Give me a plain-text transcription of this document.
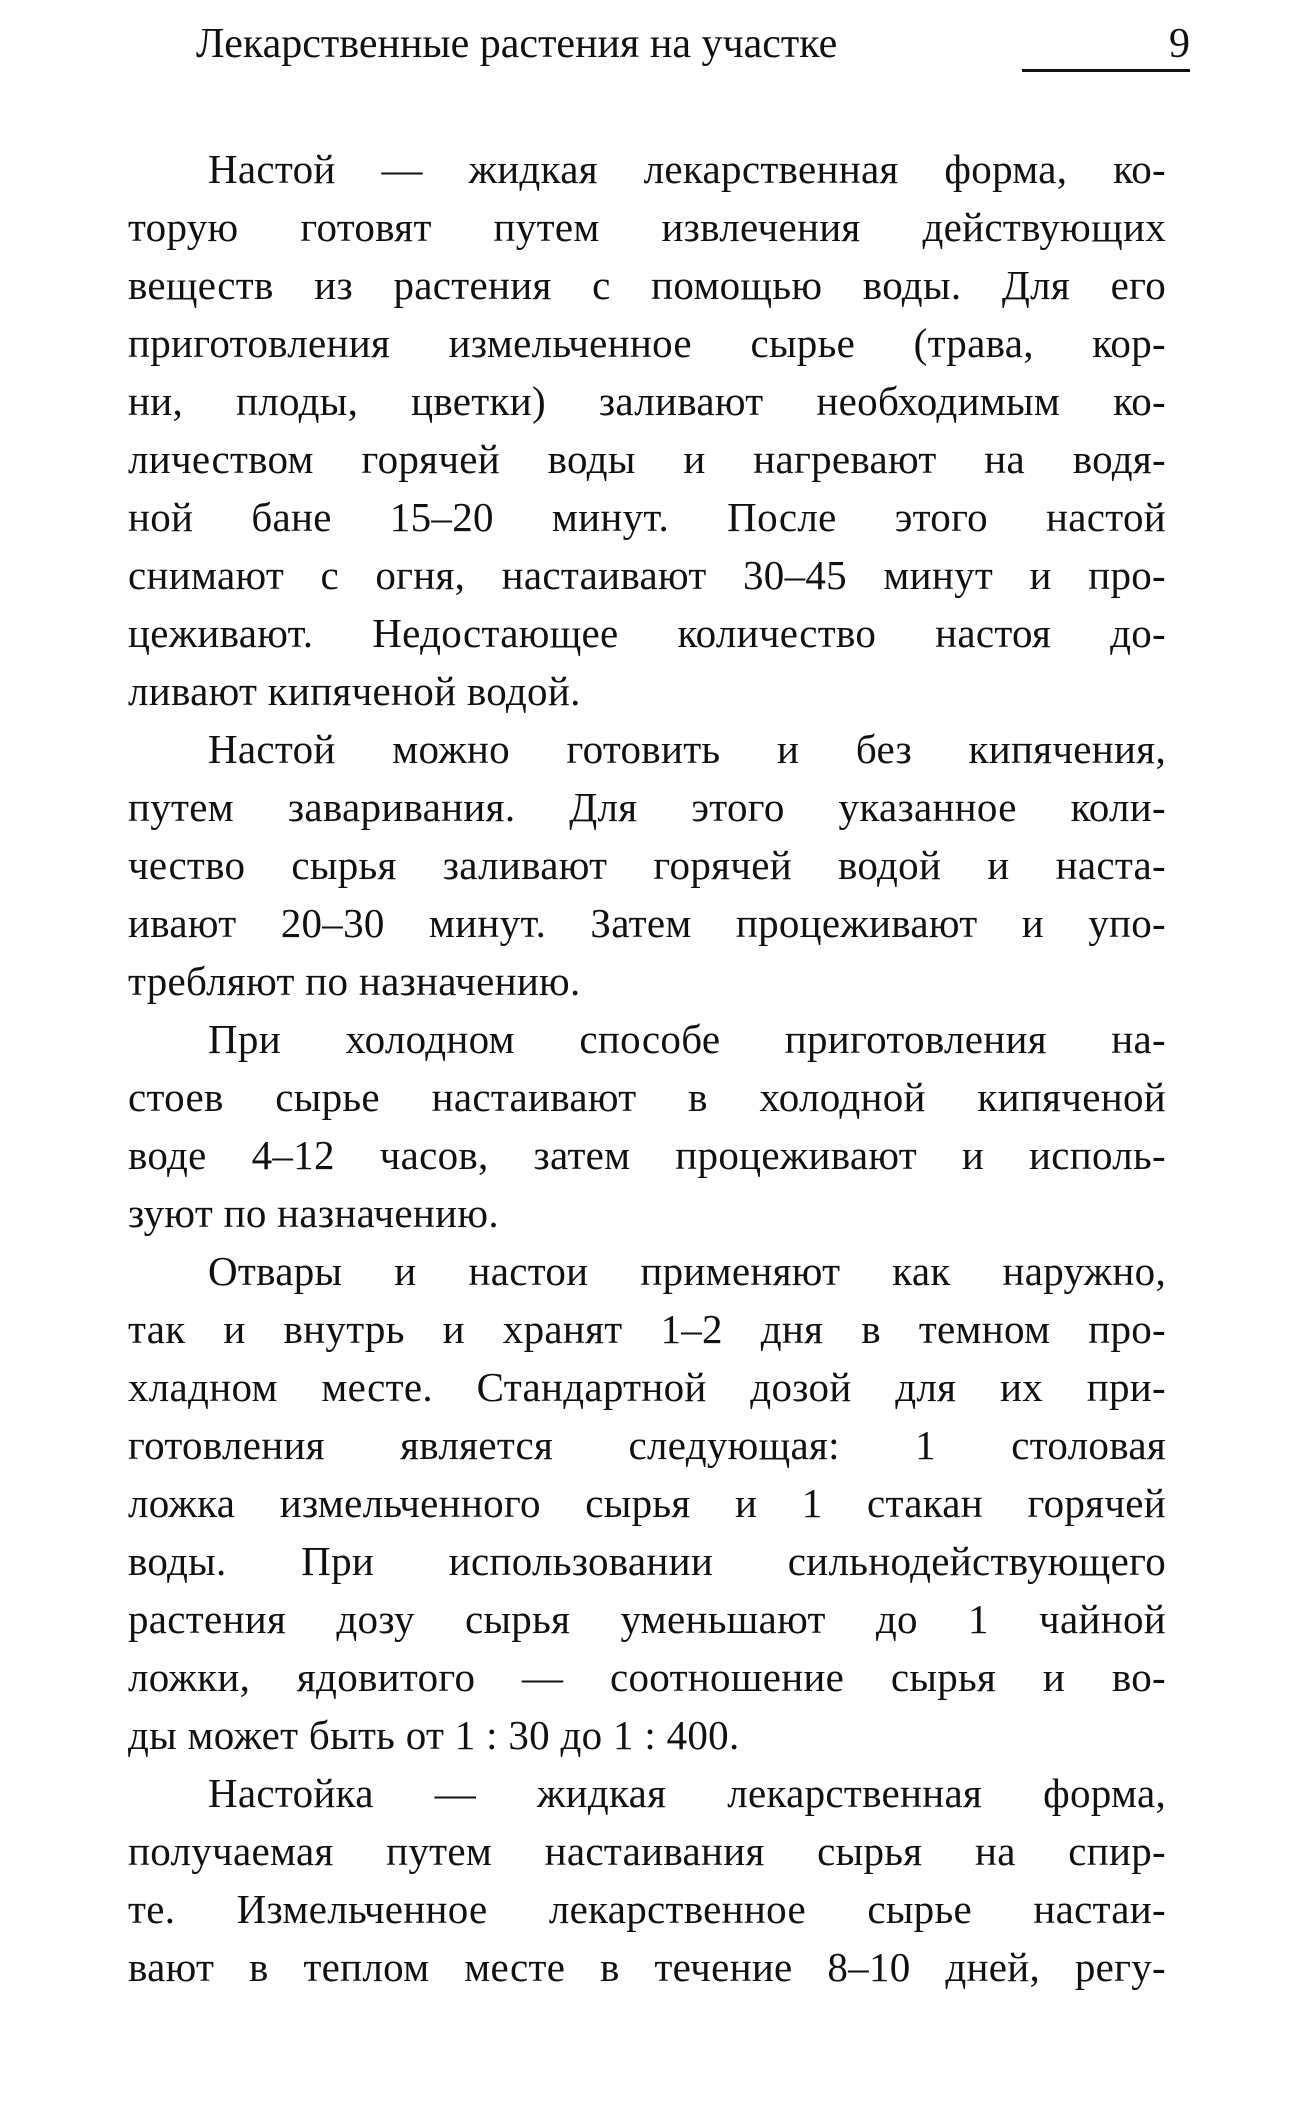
Лекарственные растения на участке	9

Настой — жидкая лекарственная форма, ко-
торую готовят путем извлечения действующих
веществ из растения с помощью воды. Для его
приготовления измельченное сырье (трава, кор-
ни, плоды, цветки) заливают необходимым ко-
личеством горячей воды и нагревают на водя-
ной бане 15–20 минут. После этого настой
снимают с огня, настаивают 30–45 минут и про-
цеживают. Недостающее количество настоя до-
ливают кипяченой водой.

Настой можно готовить и без кипячения,
путем заваривания. Для этого указанное коли-
чество сырья заливают горячей водой и наста-
ивают 20–30 минут. Затем процеживают и упо-
требляют по назначению.

При холодном способе приготовления на-
стоев сырье настаивают в холодной кипяченой
воде 4–12 часов, затем процеживают и исполь-
зуют по назначению.

Отвары и настои применяют как наружно,
так и внутрь и хранят 1–2 дня в темном про-
хладном месте. Стандартной дозой для их при-
готовления является следующая: 1 столовая
ложка измельченного сырья и 1 стакан горячей
воды. При использовании сильнодействующего
растения дозу сырья уменьшают до 1 чайной
ложки, ядовитого — соотношение сырья и во-
ды может быть от 1 : 30 до 1 : 400.

Настойка — жидкая лекарственная форма,
получаемая путем настаивания сырья на спир-
те. Измельченное лекарственное сырье настаи-
вают в теплом месте в течение 8–10 дней, регу-
